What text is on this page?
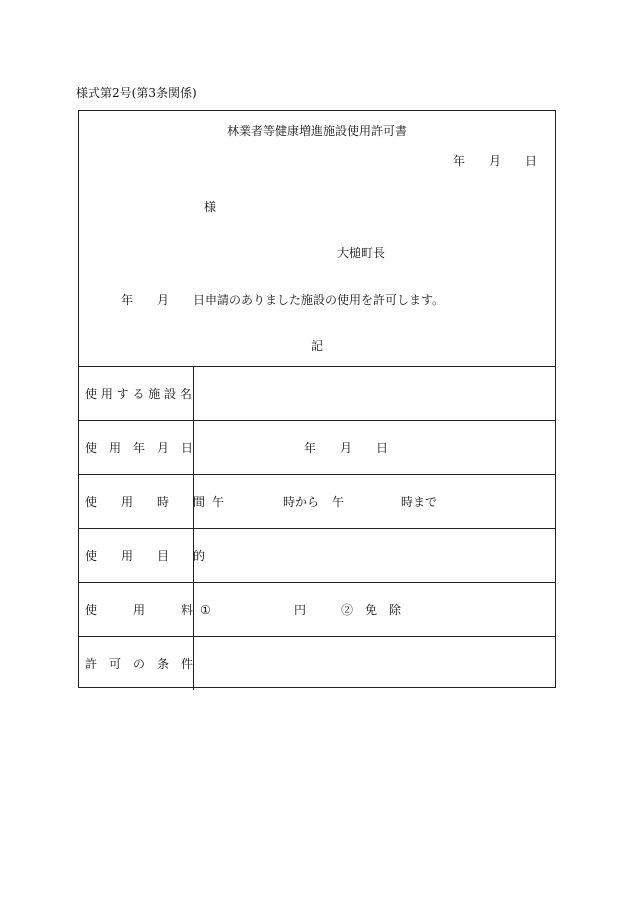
様式第2号(第3条関係)
林業者等健康増進施設使用許可書
年　　月　　日
様
大槌町長
年　　月　　日申請のありました施設の使用を許可します。
記
使 用 す る 施 設 名
使　用　年　月　日	年　　月　　日
使　　用　　時　　間 午	時から 午	時まで
使　　用　　目　　的
使　　　用　　　料 ①	円	②　免　除
許　可　の　条　件
